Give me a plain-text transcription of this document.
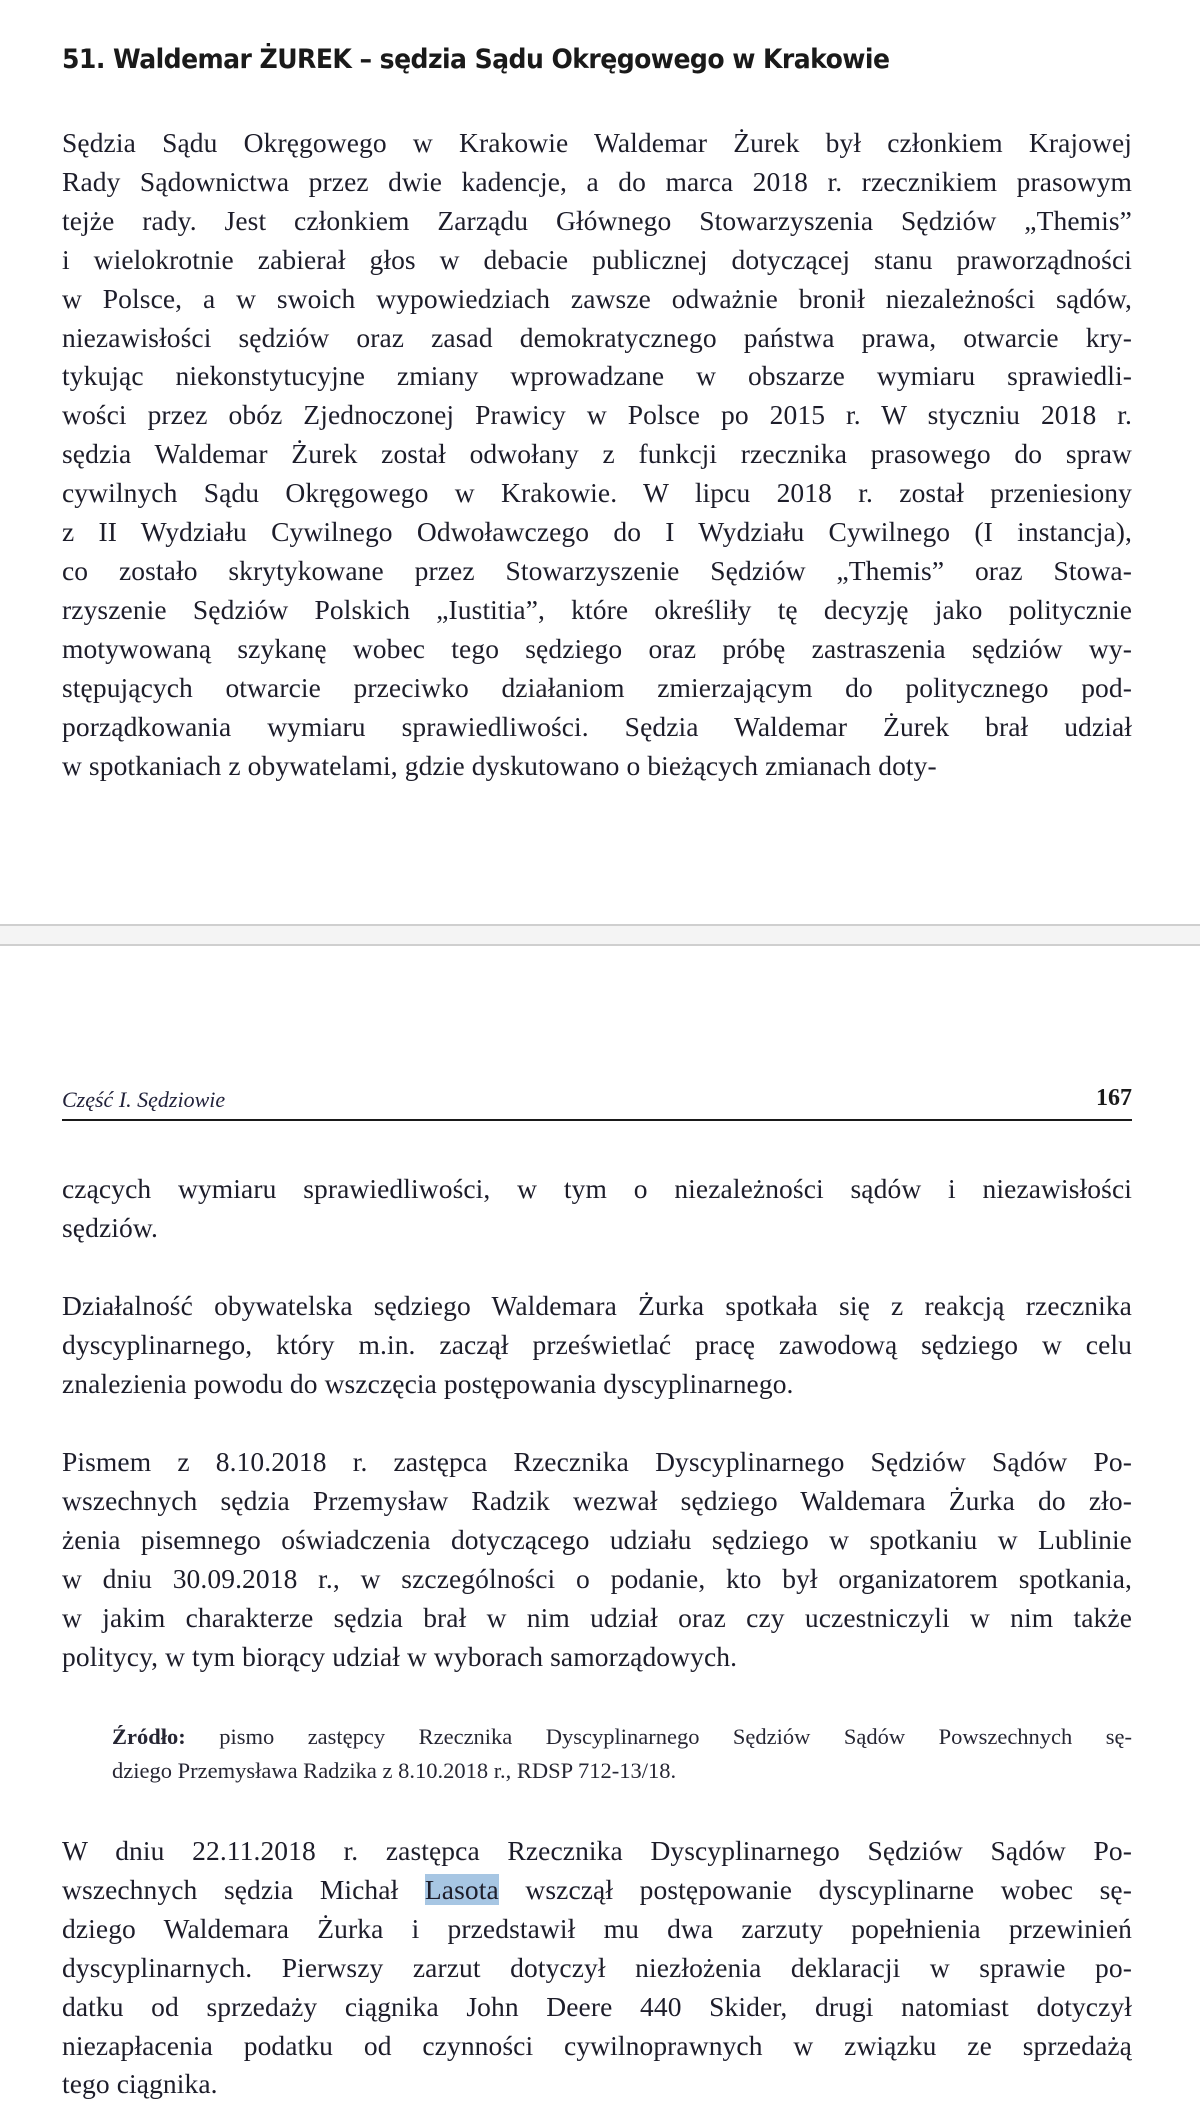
51. Waldemar ŻUREK – sędzia Sądu Okręgowego w Krakowie

Sędzia Sądu Okręgowego w Krakowie Waldemar Żurek był członkiem Krajowej
Rady Sądownictwa przez dwie kadencje, a do marca 2018 r. rzecznikiem prasowym
tejże rady. Jest członkiem Zarządu Głównego Stowarzyszenia Sędziów „Themis”
i wielokrotnie zabierał głos w debacie publicznej dotyczącej stanu praworządności
w Polsce, a w swoich wypowiedziach zawsze odważnie bronił niezależności sądów,
niezawisłości sędziów oraz zasad demokratycznego państwa prawa, otwarcie kry-
tykując niekonstytucyjne zmiany wprowadzane w obszarze wymiaru sprawiedli-
wości przez obóz Zjednoczonej Prawicy w Polsce po 2015 r. W styczniu 2018 r.
sędzia Waldemar Żurek został odwołany z funkcji rzecznika prasowego do spraw
cywilnych Sądu Okręgowego w Krakowie. W lipcu 2018 r. został przeniesiony
z II Wydziału Cywilnego Odwoławczego do I Wydziału Cywilnego (I instancja),
co zostało skrytykowane przez Stowarzyszenie Sędziów „Themis” oraz Stowa-
rzyszenie Sędziów Polskich „Iustitia”, które określiły tę decyzję jako politycznie
motywowaną szykanę wobec tego sędziego oraz próbę zastraszenia sędziów wy-
stępujących otwarcie przeciwko działaniom zmierzającym do politycznego pod-
porządkowania wymiaru sprawiedliwości. Sędzia Waldemar Żurek brał udział
w spotkaniach z obywatelami, gdzie dyskutowano o bieżących zmianach doty-

Część I. Sędziowie	167

czących wymiaru sprawiedliwości, w tym o niezależności sądów i niezawisłości
sędziów.

Działalność obywatelska sędziego Waldemara Żurka spotkała się z reakcją rzecznika
dyscyplinarnego, który m.in. zaczął prześwietlać pracę zawodową sędziego w celu
znalezienia powodu do wszczęcia postępowania dyscyplinarnego.

Pismem z 8.10.2018 r. zastępca Rzecznika Dyscyplinarnego Sędziów Sądów Po-
wszechnych sędzia Przemysław Radzik wezwał sędziego Waldemara Żurka do zło-
żenia pisemnego oświadczenia dotyczącego udziału sędziego w spotkaniu w Lublinie
w dniu 30.09.2018 r., w szczególności o podanie, kto był organizatorem spotkania,
w jakim charakterze sędzia brał w nim udział oraz czy uczestniczyli w nim także
politycy, w tym biorący udział w wyborach samorządowych.

Źródło: pismo zastępcy Rzecznika Dyscyplinarnego Sędziów Sądów Powszechnych sę-
dziego Przemysława Radzika z 8.10.2018 r., RDSP 712-13/18.

W dniu 22.11.2018 r. zastępca Rzecznika Dyscyplinarnego Sędziów Sądów Po-
wszechnych sędzia Michał Lasota wszczął postępowanie dyscyplinarne wobec sę-
dziego Waldemara Żurka i przedstawił mu dwa zarzuty popełnienia przewinień
dyscyplinarnych. Pierwszy zarzut dotyczył niezłożenia deklaracji w sprawie po-
datku od sprzedaży ciągnika John Deere 440 Skider, drugi natomiast dotyczył
niezapłacenia podatku od czynności cywilnoprawnych w związku ze sprzedażą
tego ciągnika.
